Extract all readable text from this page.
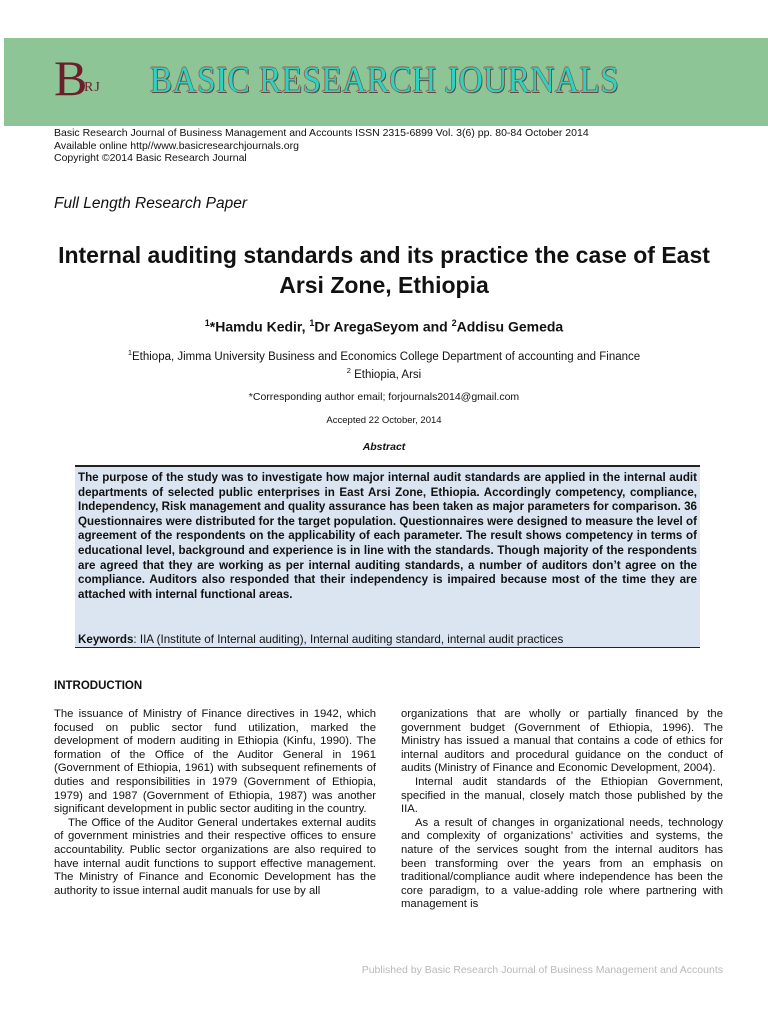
B
RJ BASIC RESEARCH JOURNALS
Basic Research Journal of Business Management and Accounts ISSN 2315-6899 Vol. 3(6) pp. 80-84 October 2014
Available online http//www.basicresearchjournals.org
Copyright ©2014 Basic Research Journal
Full Length Research Paper
Internal auditing standards and its practice the case of East Arsi Zone, Ethiopia
$^1$*Hamdu Kedir, $^1$Dr AregaSeyom and $^2$Addisu Gemeda
$^1$Ethiopa, Jimma University Business and Economics College Department of accounting and Finance
$^2$ Ethiopia, Arsi
*Corresponding author email; forjournals2014@gmail.com
Accepted 22 October, 2014
Abstract
The purpose of the study was to investigate how major internal audit standards are applied in the internal audit departments of selected public enterprises in East Arsi Zone, Ethiopia. Accordingly competency, compliance, Independency, Risk management and quality assurance has been taken as major parameters for comparison. 36 Questionnaires were distributed for the target population. Questionnaires were designed to measure the level of agreement of the respondents on the applicability of each parameter. The result shows competency in terms of educational level, background and experience is in line with the standards. Though majority of the respondents are agreed that they are working as per internal auditing standards, a number of auditors don’t agree on the compliance. Auditors also responded that their independency is impaired because most of the time they are attached with internal functional areas.
Keywords: IIA (Institute of Internal auditing), Internal auditing standard, internal audit practices
INTRODUCTION

The issuance of Ministry of Finance directives in 1942, which focused on public sector fund utilization, marked the development of modern auditing in Ethiopia (Kinfu, 1990). The formation of the Office of the Auditor General in 1961 (Government of Ethiopia, 1961) with subsequent refinements of duties and responsibilities in 1979 (Government of Ethiopia, 1979) and 1987 (Government of Ethiopia, 1987) was another significant development in public sector auditing in the country.

The Office of the Auditor General undertakes external audits of government ministries and their respective offices to ensure accountability. Public sector organizations are also required to have internal audit functions to support effective management. The Ministry of Finance and Economic Development has the authority to issue internal audit manuals for use by all

organizations that are wholly or partially financed by the government budget (Government of Ethiopia, 1996). The Ministry has issued a manual that contains a code of ethics for internal auditors and procedural guidance on the conduct of audits (Ministry of Finance and Economic Development, 2004).

Internal audit standards of the Ethiopian Government, specified in the manual, closely match those published by the IIA.

As a result of changes in organizational needs, technology and complexity of organizations’ activities and systems, the nature of the services sought from the internal auditors has been transforming over the years from an emphasis on traditional/compliance audit where independence has been the core paradigm, to a value-adding role where partnering with management is

Published by Basic Research Journal of Business Management and Accounts
